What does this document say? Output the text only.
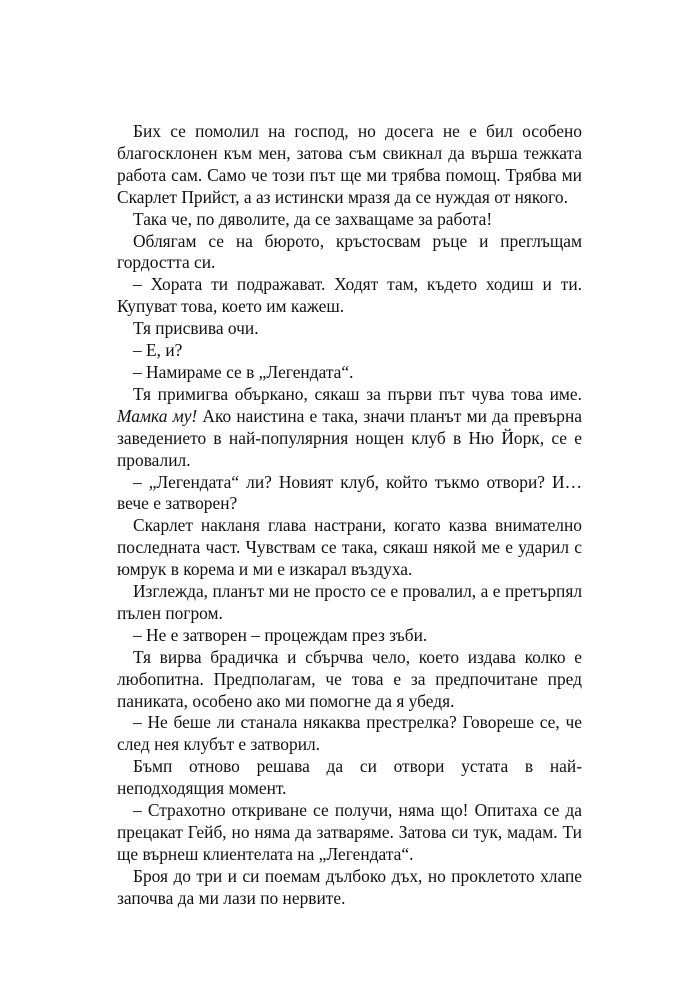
Бих се помолил на господ, но досега не е бил особено благосклонен към мен, затова съм свикнал да върша тежката работа сам. Само че този път ще ми трябва помощ. Трябва ми Скарлет Прийст, а аз истински мразя да се нуждая от някого.

Така че, по дяволите, да се захващаме за работа!

Облягам се на бюрото, кръстосвам ръце и преглъщам гордостта си.

– Хората ти подражават. Ходят там, където ходиш и ти. Купуват това, което им кажеш.

Тя присвива очи.

– Е, и?

– Намираме се в „Легендата“.

Тя примигва объркано, сякаш за първи път чува това име. Мамка му! Ако наистина е така, значи планът ми да превърна заведението в най-популярния нощен клуб в Ню Йорк, се е провалил.

– „Легендата“ ли? Новият клуб, който тъкмо отвори? И… вече е затворен?

Скарлет накланя глава настрани, когато казва внимателно последната част. Чувствам се така, сякаш някой ме е ударил с юмрук в корема и ми е изкарал въздуха.

Изглежда, планът ми не просто се е провалил, а е претърпял пълен погром.

– Не е затворен – процеждам през зъби.

Тя вирва брадичка и сбърчва чело, което издава колко е любопитна. Предполагам, че това е за предпочитане пред паниката, особено ако ми помогне да я убедя.

– Не беше ли станала някаква престрелка? Говореше се, че след нея клубът е затворил.

Бъмп отново решава да си отвори устата в най-неподходящия момент.

– Страхотно откриване се получи, няма що! Опитаха се да прецакат Гейб, но няма да затваряме. Затова си тук, мадам. Ти ще върнеш клиентелата на „Легендата“.

Броя до три и си поемам дълбоко дъх, но проклетото хлапе започва да ми лази по нервите.
